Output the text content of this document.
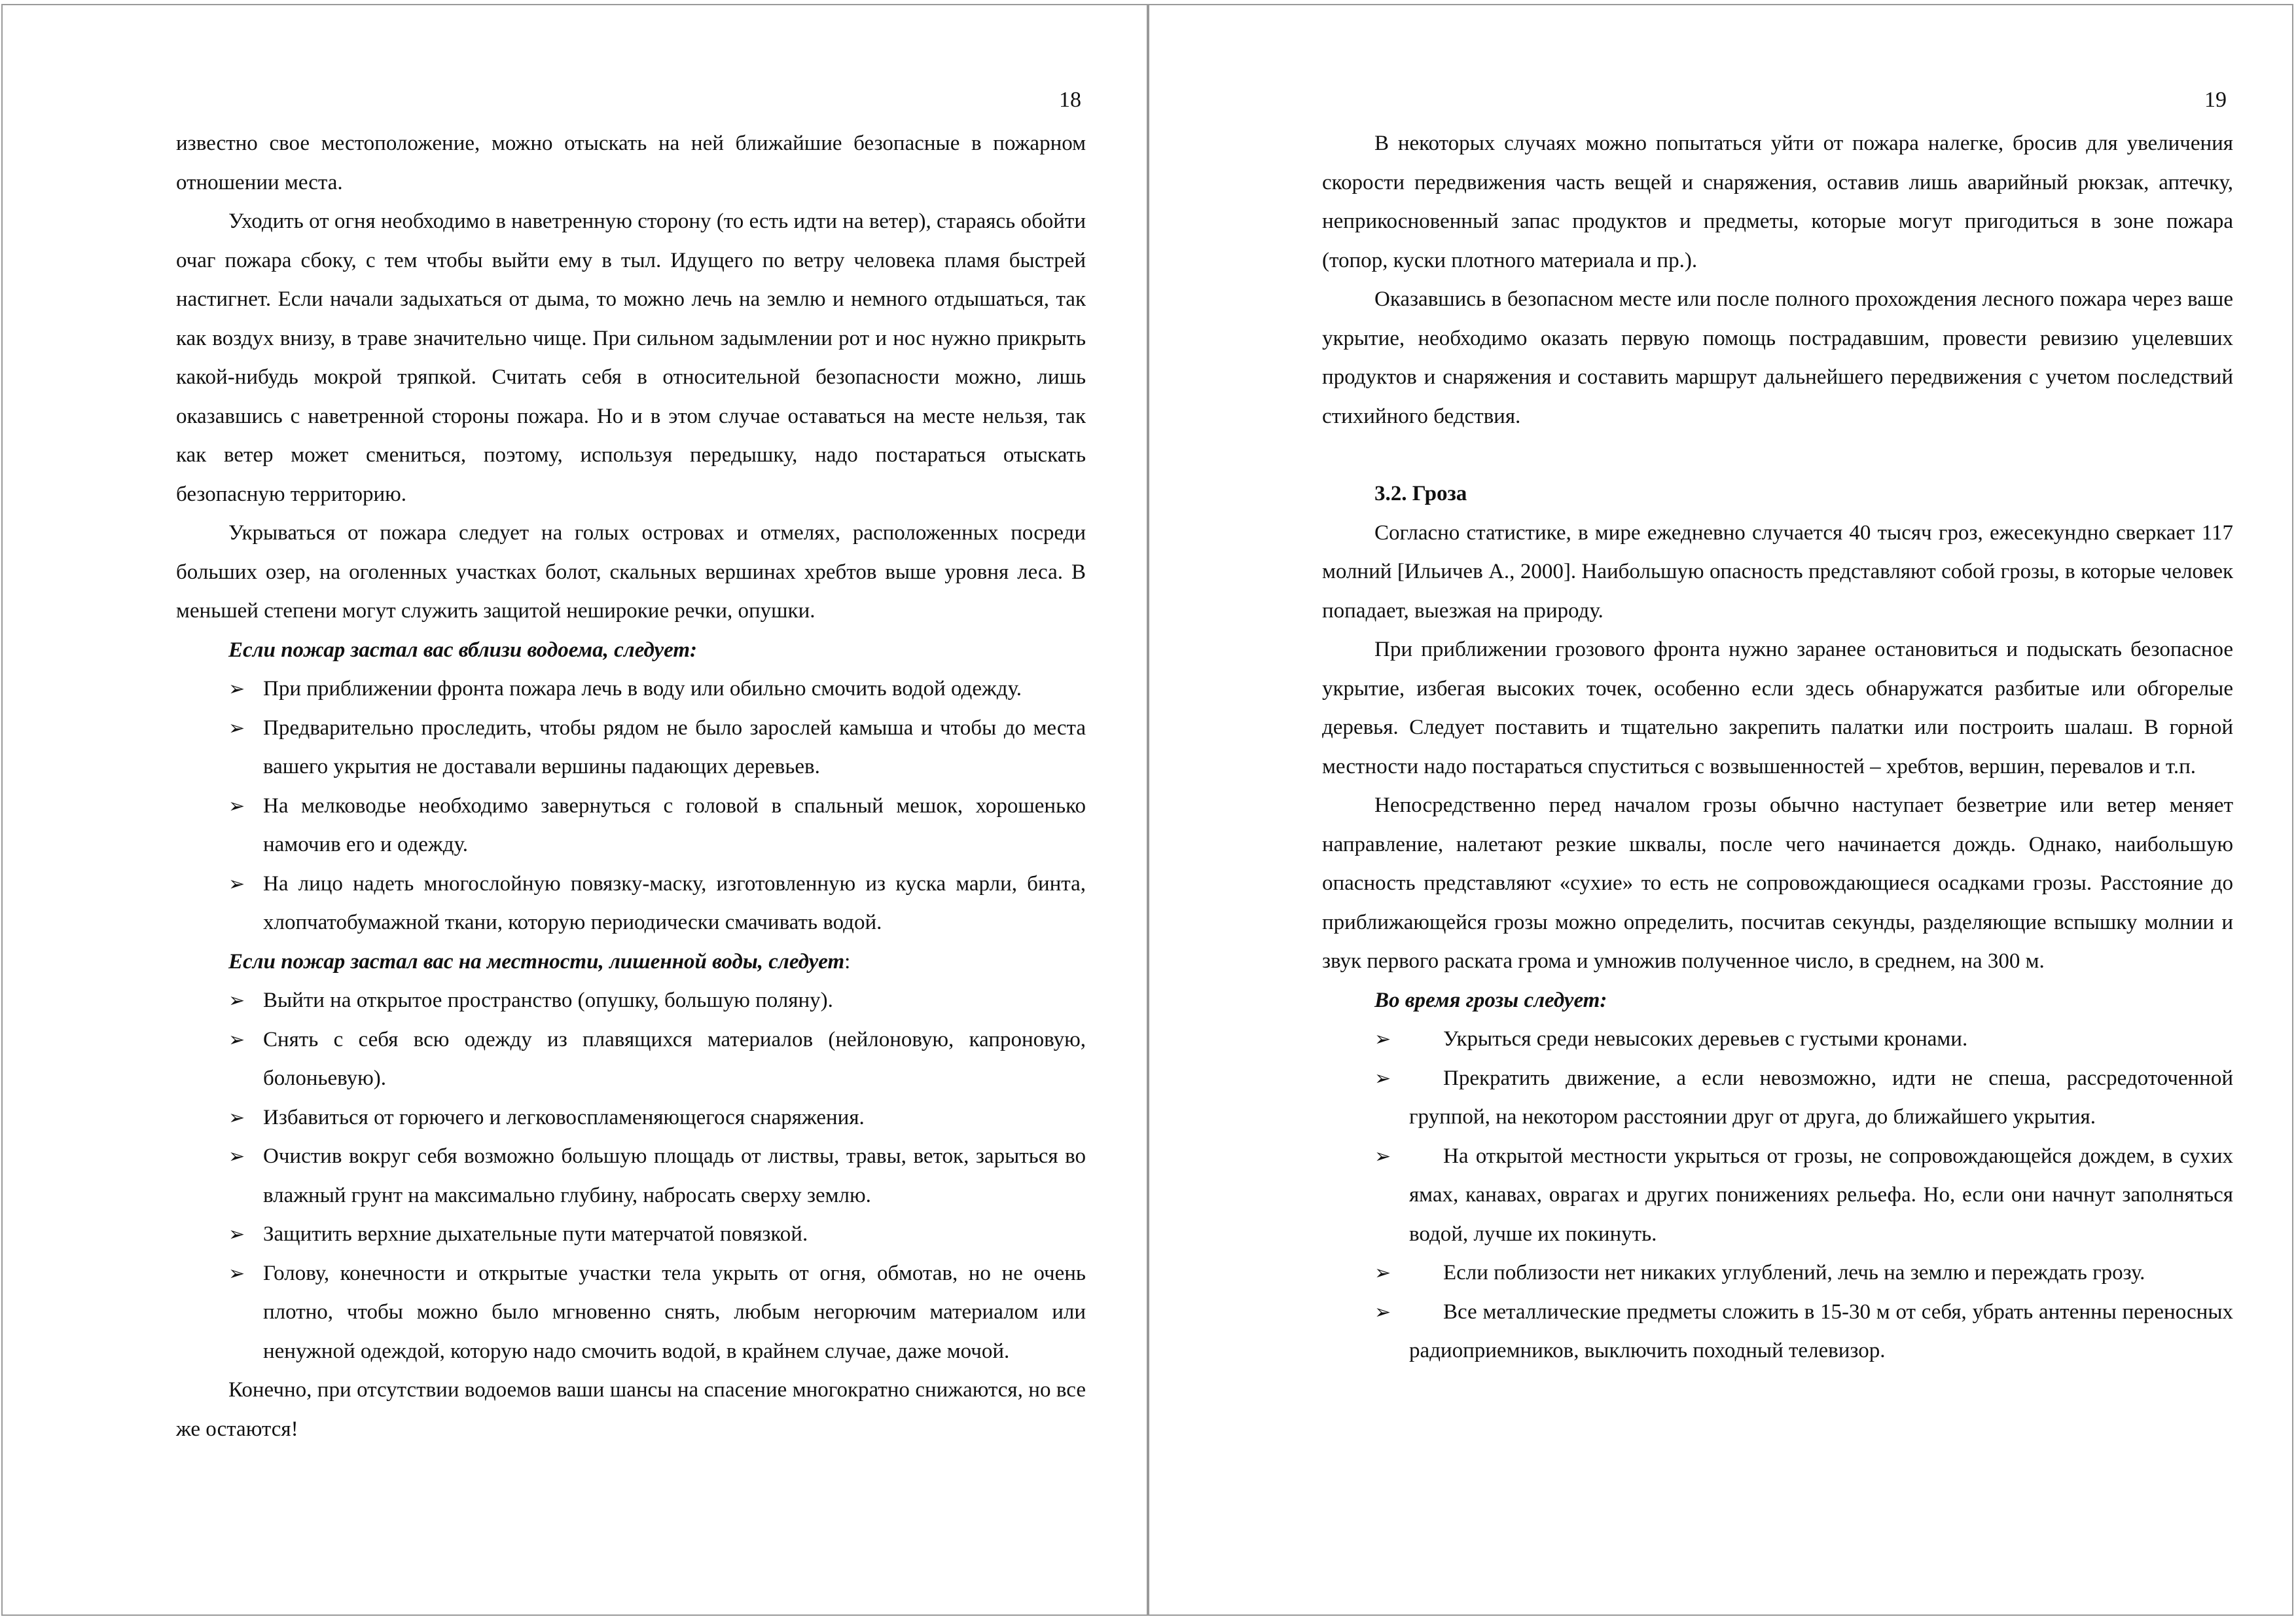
18

известно свое местоположение, можно отыскать на ней ближайшие безопасные в пожарном отношении места.

Уходить от огня необходимо в наветренную сторону (то есть идти на ветер), стараясь обойти очаг пожара сбоку, с тем чтобы выйти ему в тыл. Идущего по ветру человека пламя быстрей настигнет. Если начали задыхаться от дыма, то можно лечь на землю и немного отдышаться, так как воздух внизу, в траве значительно чище. При сильном задымлении рот и нос нужно прикрыть какой-нибудь мокрой тряпкой. Считать себя в относительной безопасности можно, лишь оказавшись с наветренной стороны пожара. Но и в этом случае оставаться на месте нельзя, так как ветер может смениться, поэтому, используя передышку, надо постараться отыскать безопасную территорию.

Укрываться от пожара следует на голых островах и отмелях, расположенных посреди больших озер, на оголенных участках болот, скальных вершинах хребтов выше уровня леса. В меньшей степени могут служить защитой неширокие речки, опушки.

Если пожар застал вас вблизи водоема, следует:

➢ При приближении фронта пожара лечь в воду или обильно смочить водой одежду.
➢ Предварительно проследить, чтобы рядом не было зарослей камыша и чтобы до места вашего укрытия не доставали вершины падающих деревьев.
➢ На мелководье необходимо завернуться с головой в спальный мешок, хорошенько намочив его и одежду.
➢ На лицо надеть многослойную повязку-маску, изготовленную из куска марли, бинта, хлопчатобумажной ткани, которую периодически смачивать водой.

Если пожар застал вас на местности, лишенной воды, следует:

➢ Выйти на открытое пространство (опушку, большую поляну).
➢ Снять с себя всю одежду из плавящихся материалов (нейлоновую, капроновую, болоньевую).
➢ Избавиться от горючего и легковоспламеняющегося снаряжения.
➢ Очистив вокруг себя возможно большую площадь от листвы, травы, веток, зарыться во влажный грунт на максимально глубину, набросать сверху землю.
➢ Защитить верхние дыхательные пути матерчатой повязкой.
➢ Голову, конечности и открытые участки тела укрыть от огня, обмотав, но не очень плотно, чтобы можно было мгновенно снять, любым негорючим материалом или ненужной одеждой, которую надо смочить водой, в крайнем случае, даже мочой.

Конечно, при отсутствии водоемов ваши шансы на спасение многократно снижаются, но все же остаются!

19

В некоторых случаях можно попытаться уйти от пожара налегке, бросив для увеличения скорости передвижения часть вещей и снаряжения, оставив лишь аварийный рюкзак, аптечку, неприкосновенный запас продуктов и предметы, которые могут пригодиться в зоне пожара (топор, куски плотного материала и пр.).

Оказавшись в безопасном месте или после полного прохождения лесного пожара через ваше укрытие, необходимо оказать первую помощь пострадавшим, провести ревизию уцелевших продуктов и снаряжения и составить маршрут дальнейшего передвижения с учетом последствий стихийного бедствия.

3.2. Гроза

Согласно статистике, в мире ежедневно случается 40 тысяч гроз, ежесекундно сверкает 117 молний [Ильичев А., 2000]. Наибольшую опасность представляют собой грозы, в которые человек попадает, выезжая на природу.

При приближении грозового фронта нужно заранее остановиться и подыскать безопасное укрытие, избегая высоких точек, особенно если здесь обнаружатся разбитые или обгорелые деревья. Следует поставить и тщательно закрепить палатки или построить шалаш. В горной местности надо постараться спуститься с возвышенностей – хребтов, вершин, перевалов и т.п.

Непосредственно перед началом грозы обычно наступает безветрие или ветер меняет направление, налетают резкие шквалы, после чего начинается дождь. Однако, наибольшую опасность представляют «сухие» то есть не сопровождающиеся осадками грозы. Расстояние до приближающейся грозы можно определить, посчитав секунды, разделяющие вспышку молнии и звук первого раската грома и умножив полученное число, в среднем, на 300 м.

Во время грозы следует:

➢	Укрыться среди невысоких деревьев с густыми кронами.
➢	Прекратить движение, а если невозможно, идти не спеша, рассредоточенной группой, на некотором расстоянии друг от друга, до ближайшего укрытия.
➢	На открытой местности укрыться от грозы, не сопровождающейся дождем, в сухих ямах, канавах, оврагах и других понижениях рельефа. Но, если они начнут заполняться водой, лучше их покинуть.
➢	Если поблизости нет никаких углублений, лечь на землю и переждать грозу.
➢	Все металлические предметы сложить в 15-30 м от себя, убрать антенны переносных радиоприемников, выключить походный телевизор.
